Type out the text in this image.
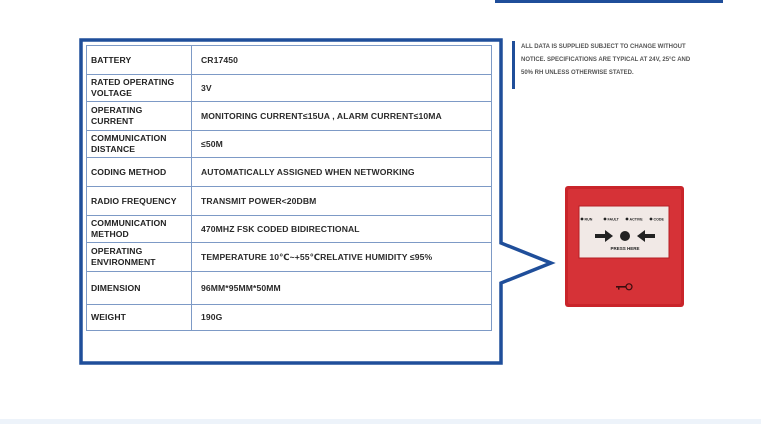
BATTERY	CR17450
RATED OPERATING VOLTAGE	3V
OPERATING CURRENT	MONITORING CURRENT≤15UA , ALARM CURRENT≤10MA
COMMUNICATION DISTANCE	≤50M
CODING METHOD	AUTOMATICALLY ASSIGNED WHEN NETWORKING
RADIO FREQUENCY	TRANSMIT POWER<20DBM
COMMUNICATION METHOD	470MHZ FSK CODED BIDIRECTIONAL
OPERATING ENVIRONMENT	TEMPERATURE 10℃~+55℃RELATIVE HUMIDITY ≤95%
DIMENSION	96MM*95MM*50MM
WEIGHT	190G
ALL DATA IS SUPPLIED SUBJECT TO CHANGE WITHOUT NOTICE. SPECIFICATIONS ARE TYPICAL AT 24V, 25°C AND 50% RH UNLESS OTHERWISE STATED.
RUN	FAULT	ACTIVE	CODE
PRESS HERE
